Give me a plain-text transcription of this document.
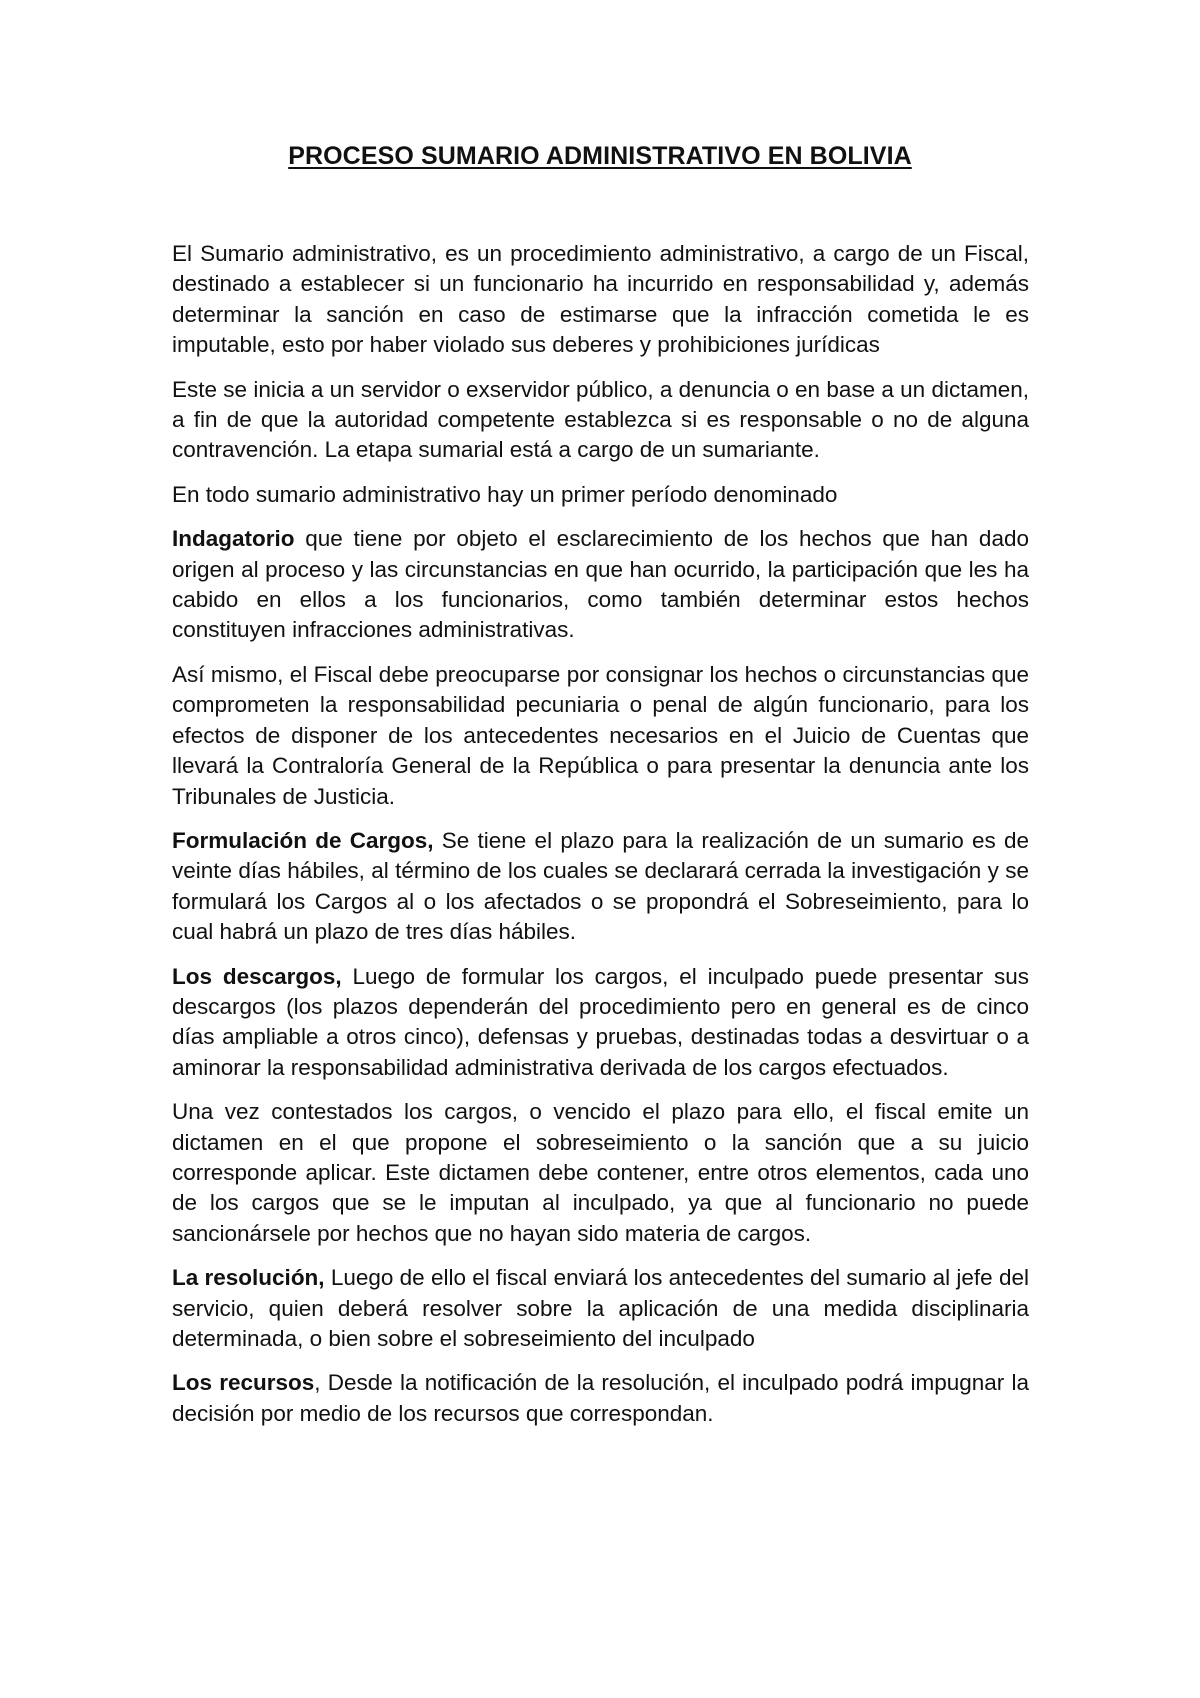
PROCESO SUMARIO ADMINISTRATIVO EN BOLIVIA

El Sumario administrativo, es un procedimiento administrativo, a cargo de un Fiscal, destinado a establecer si un funcionario ha incurrido en responsabilidad y, además determinar la sanción en caso de estimarse que la infracción cometida le es imputable, esto por haber violado sus deberes y prohibiciones jurídicas

Este se inicia a un servidor o exservidor público, a denuncia o en base a un dictamen, a fin de que la autoridad competente establezca si es responsable o no de alguna contravención. La etapa sumarial está a cargo de un sumariante.

En todo sumario administrativo hay un primer período denominado

Indagatorio que tiene por objeto el esclarecimiento de los hechos que han dado origen al proceso y las circunstancias en que han ocurrido, la participación que les ha cabido en ellos a los funcionarios, como también determinar estos hechos constituyen infracciones administrativas.

Así mismo, el Fiscal debe preocuparse por consignar los hechos o circunstancias que comprometen la responsabilidad pecuniaria o penal de algún funcionario, para los efectos de disponer de los antecedentes necesarios en el Juicio de Cuentas que llevará la Contraloría General de la República o para presentar la denuncia ante los Tribunales de Justicia.

Formulación de Cargos, Se tiene el plazo para la realización de un sumario es de veinte días hábiles, al término de los cuales se declarará cerrada la investigación y se formulará los Cargos al o los afectados o se propondrá el Sobreseimiento, para lo cual habrá un plazo de tres días hábiles.

Los descargos, Luego de formular los cargos, el inculpado puede presentar sus descargos (los plazos dependerán del procedimiento pero en general es de cinco días ampliable a otros cinco), defensas y pruebas, destinadas todas a desvirtuar o a aminorar la responsabilidad administrativa derivada de los cargos efectuados.

Una vez contestados los cargos, o vencido el plazo para ello, el fiscal emite un dictamen en el que propone el sobreseimiento o la sanción que a su juicio corresponde aplicar. Este dictamen debe contener, entre otros elementos, cada uno de los cargos que se le imputan al inculpado, ya que al funcionario no puede sancionársele por hechos que no hayan sido materia de cargos.

La resolución, Luego de ello el fiscal enviará los antecedentes del sumario al jefe del servicio, quien deberá resolver sobre la aplicación de una medida disciplinaria determinada, o bien sobre el sobreseimiento del inculpado

Los recursos, Desde la notificación de la resolución, el inculpado podrá impugnar la decisión por medio de los recursos que correspondan.
